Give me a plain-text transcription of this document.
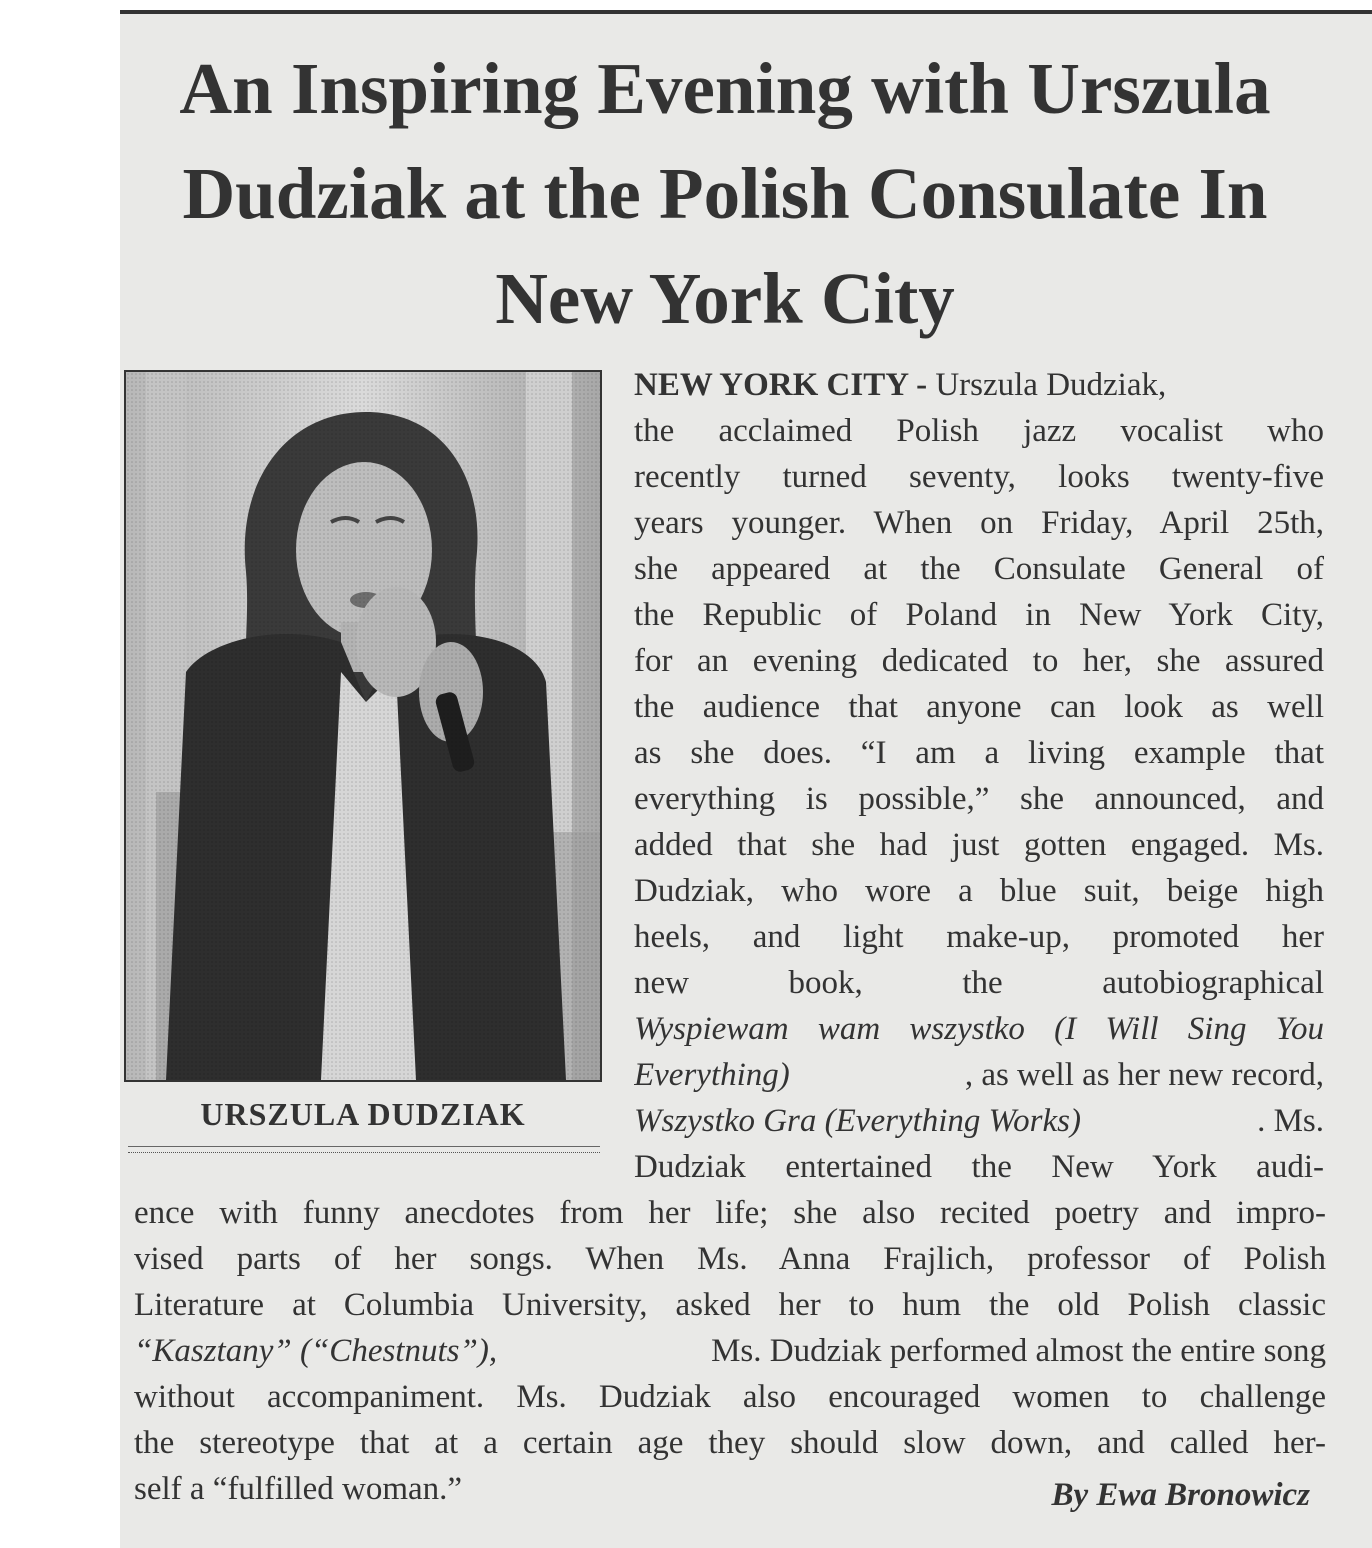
An Inspiring Evening with Urszula Dudziak at the Polish Consulate In New York City
URSZULA DUDZIAK

NEW YORK CITY - Urszula Dudziak,

the acclaimed Polish jazz vocalist who

recently turned seventy, looks twenty-five

years younger. When on Friday, April 25th,

she appeared at the Consulate General of

the Republic of Poland in New York City,

for an evening dedicated to her, she assured

the audience that anyone can look as well

as she does. “I am a living example that

everything is possible,” she announced, and

added that she had just gotten engaged. Ms.

Dudziak, who wore a blue suit, beige high

heels, and light make-up, promoted her

new book, the autobiographical

Wyspiewam wam wszystko (I Will Sing You

Everything)	, as well as her new record,

Wszystko Gra (Everything Works)	. Ms.

Dudziak entertained the New York audi-

ence with funny anecdotes from her life; she also recited poetry and impro-

vised parts of her songs. When Ms. Anna Frajlich, professor of Polish

Literature at Columbia University, asked her to hum the old Polish classic

“Kasztany” (“Chestnuts”),	Ms. Dudziak performed almost the entire song

without accompaniment. Ms. Dudziak also encouraged women to challenge

the stereotype that at a certain age they should slow down, and called her-

self a “fulfilled woman.”	By Ewa Bronowicz
